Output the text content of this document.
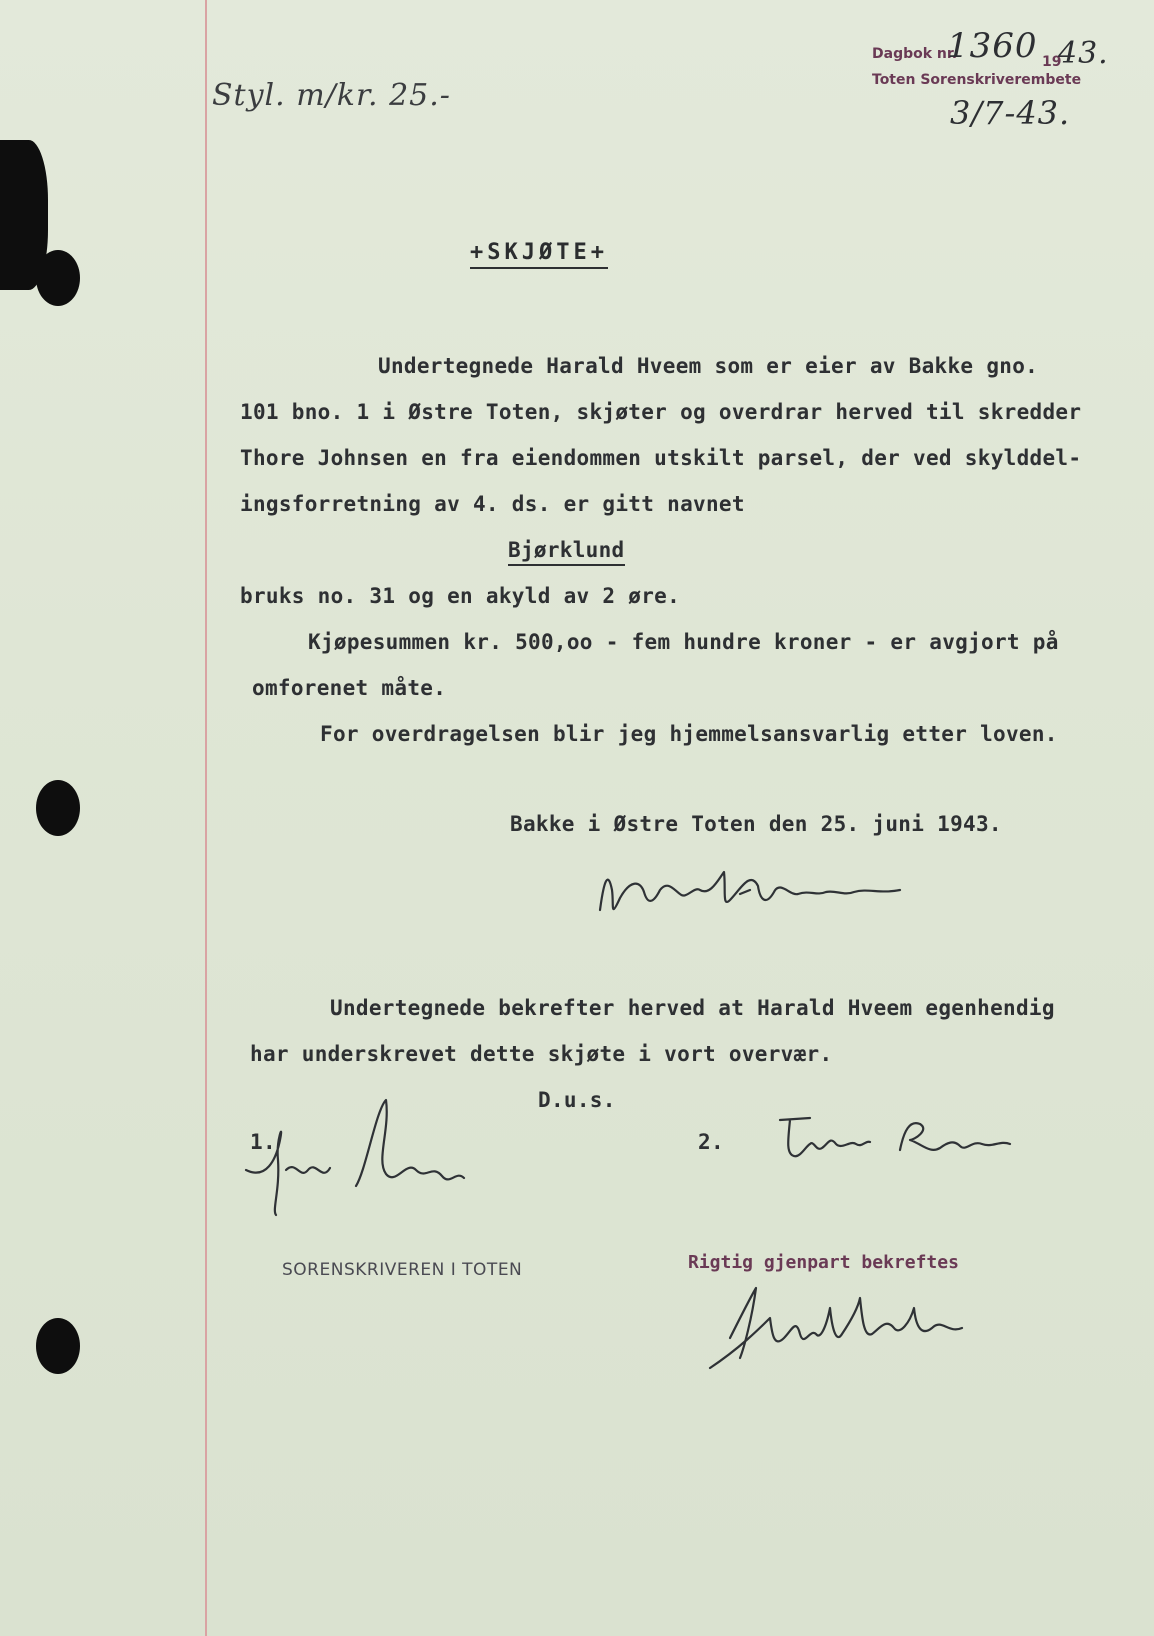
Styl. m/kr. 25.-
Dagbok nr.
1360 19
43.
Toten Sorenskriverembete
3/7-43.
+SKJØTE+
Undertegnede Harald Hveem som er eier av Bakke gno.
101 bno. 1 i Østre Toten, skjøter og overdrar herved til skredder
Thore Johnsen en fra eiendommen utskilt parsel, der ved skylddel-
ingsforretning av 4. ds. er gitt navnet
Bjørklund
bruks no. 31 og en akyld av 2 øre.
Kjøpesummen kr. 500,oo - fem hundre kroner - er avgjort på
omforenet måte.
For overdragelsen blir jeg hjemmelsansvarlig etter loven.
Bakke i Østre Toten den 25. juni 1943.
Undertegnede bekrefter herved at Harald Hveem egenhendig
har underskrevet dette skjøte i vort overvær.
D.u.s.
1.	2.
SORENSKRIVEREN I TOTEN	Rigtig gjenpart bekreftes
